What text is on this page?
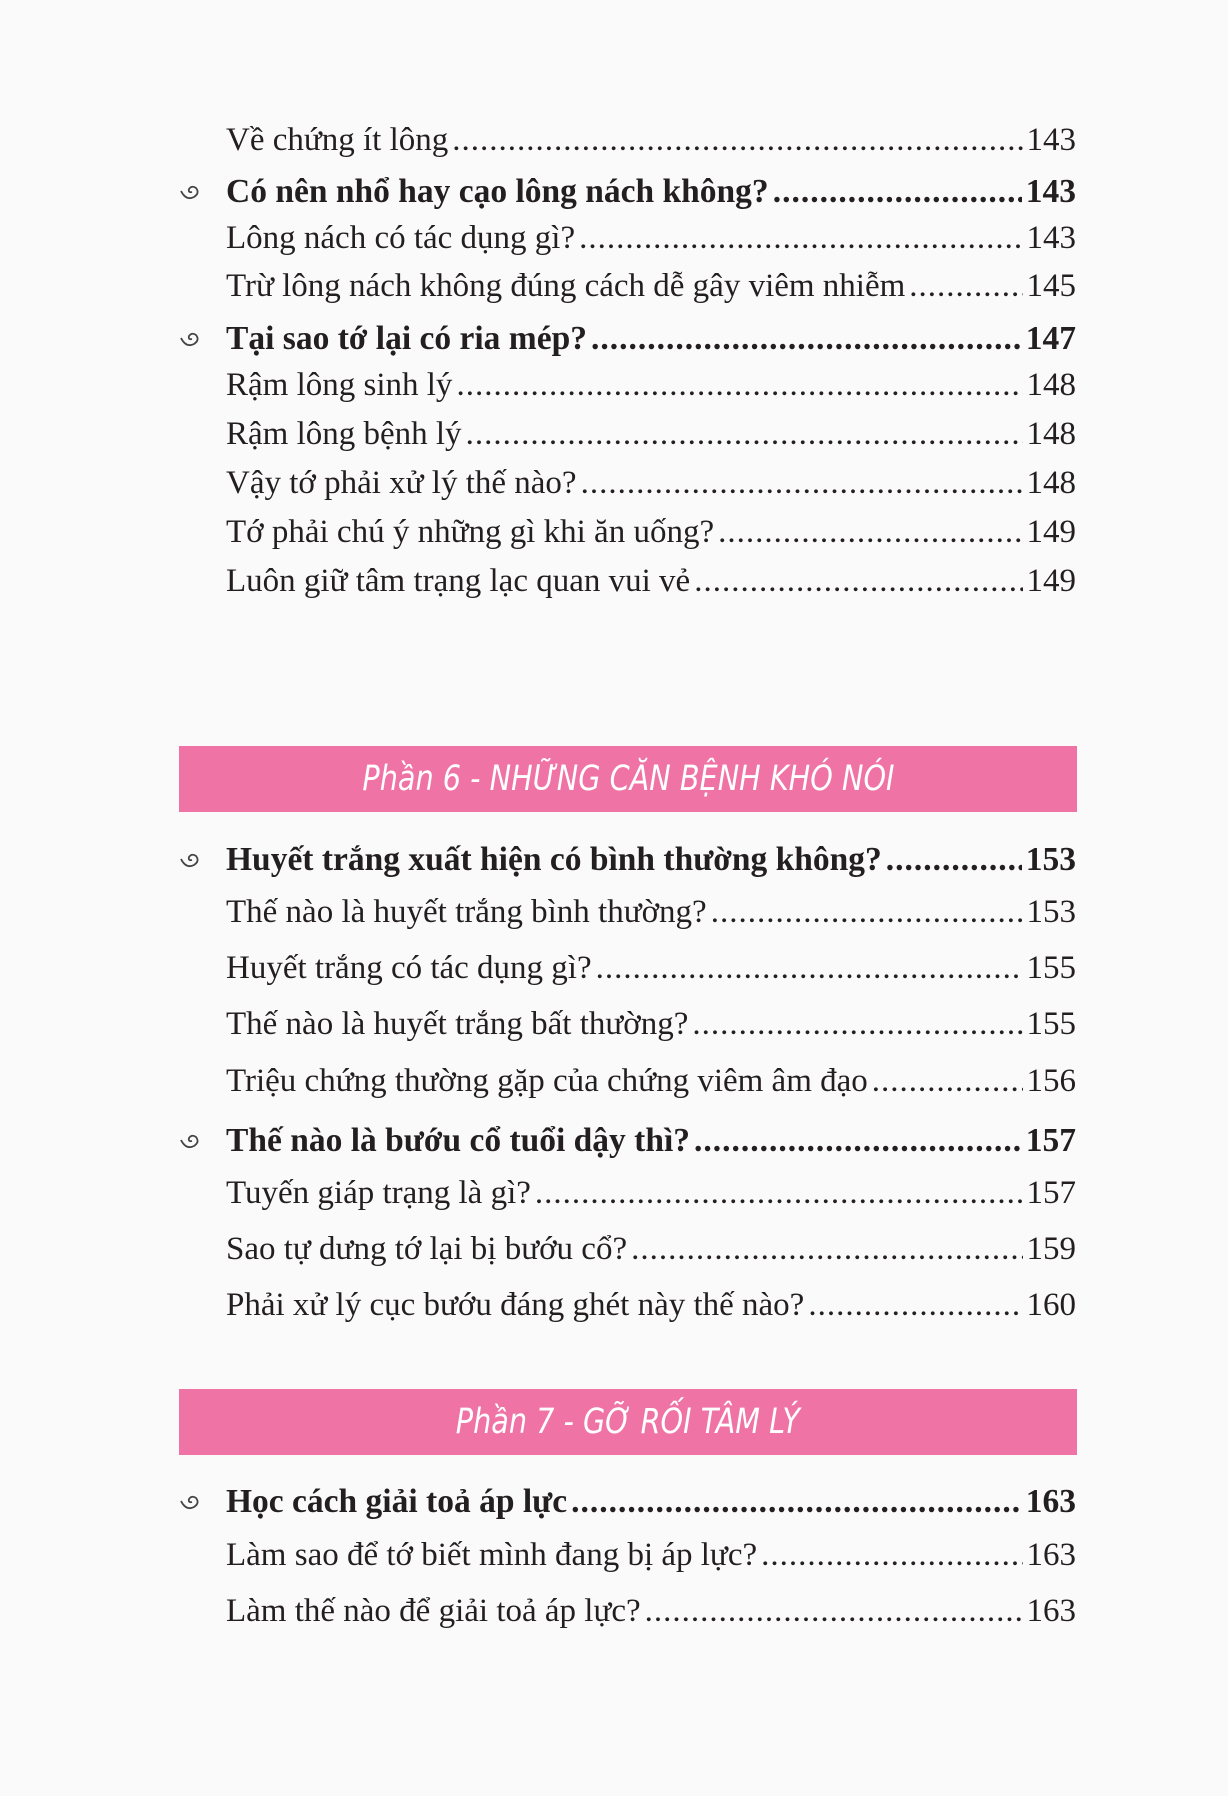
Về chứng ít lông .....	143
Có nên nhổ hay cạo lông nách không? .....	143
Lông nách có tác dụng gì? .....	143
Trừ lông nách không đúng cách dễ gây viêm nhiễm .....	145
Tại sao tớ lại có ria mép? .....	147
Rậm lông sinh lý .....	148
Rậm lông bệnh lý .....	148
Vậy tớ phải xử lý thế nào? .....	148
Tớ phải chú ý những gì khi ăn uống? .....	149
Luôn giữ tâm trạng lạc quan vui vẻ .....	149
Phần 6 - NHỮNG CĂN BỆNH KHÓ NÓI
Huyết trắng xuất hiện có bình thường không? .....	153
Thế nào là huyết trắng bình thường? .....	153
Huyết trắng có tác dụng gì? .....	155
Thế nào là huyết trắng bất thường? .....	155
Triệu chứng thường gặp của chứng viêm âm đạo .....	156
Thế nào là bướu cổ tuổi dậy thì? .....	157
Tuyến giáp trạng là gì? .....	157
Sao tự dưng tớ lại bị bướu cổ? .....	159
Phải xử lý cục bướu đáng ghét này thế nào? .....	160
Phần 7 - GỠ RỐI TÂM LÝ
Học cách giải toả áp lực .....	163
Làm sao để tớ biết mình đang bị áp lực? .....	163
Làm thế nào để giải toả áp lực? .....	163
